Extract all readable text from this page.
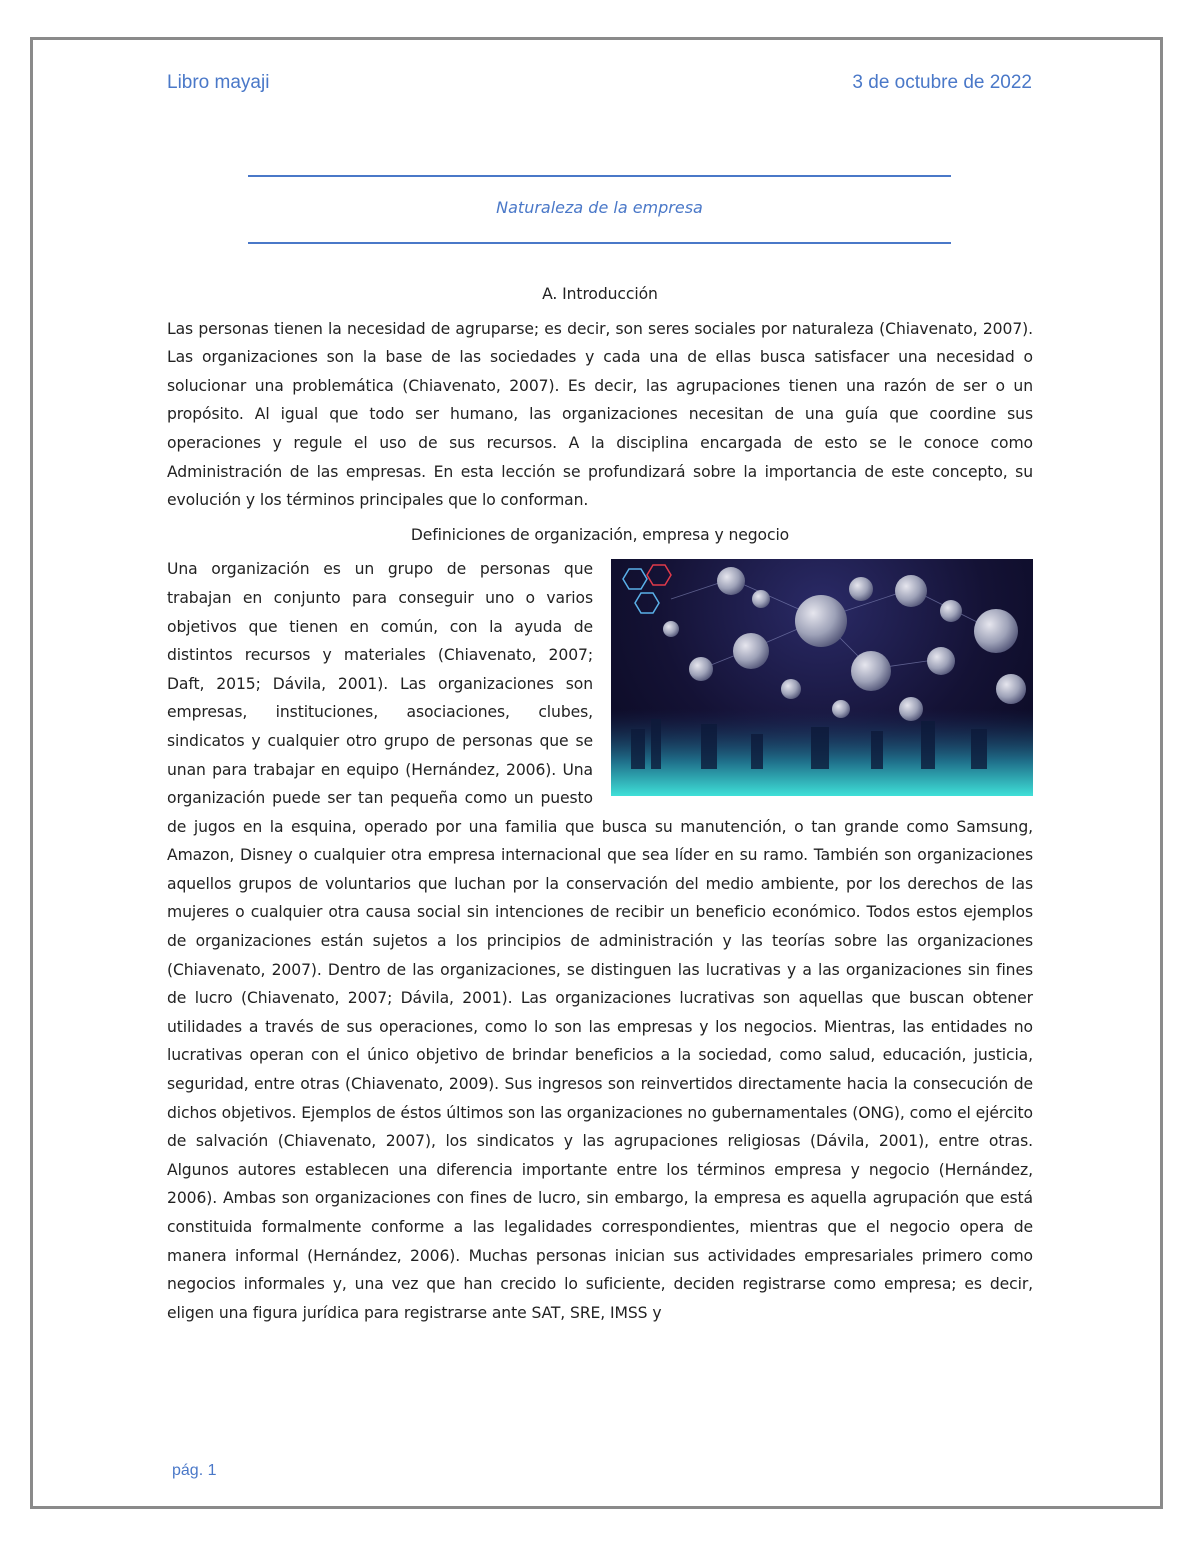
Libro mayaji	3 de octubre de 2022
Naturaleza de la empresa
A. Introducción

Las personas tienen la necesidad de agruparse; es decir, son seres sociales por naturaleza (Chiavenato, 2007). Las organizaciones son la base de las sociedades y cada una de ellas busca satisfacer una necesidad o solucionar una problemática (Chiavenato, 2007). Es decir, las agrupaciones tienen una razón de ser o un propósito. Al igual que todo ser humano, las organizaciones necesitan de una guía que coordine sus operaciones y regule el uso de sus recursos. A la disciplina encargada de esto se le conoce como Administración de las empresas. En esta lección se profundizará sobre la importancia de este concepto, su evolución y los términos principales que lo conforman.

Definiciones de organización, empresa y negocio

Una organización es un grupo de personas que trabajan en conjunto para conseguir uno o varios objetivos que tienen en común, con la ayuda de distintos recursos y materiales (Chiavenato, 2007; Daft, 2015; Dávila, 2001). Las organizaciones son empresas, instituciones, asociaciones, clubes, sindicatos y cualquier otro grupo de personas que se unan para trabajar en equipo (Hernández, 2006). Una organización puede ser tan pequeña como un puesto de jugos en la esquina, operado por una familia que busca su manutención, o tan grande como Samsung, Amazon, Disney o cualquier otra empresa internacional que sea líder en su ramo. También son organizaciones aquellos grupos de voluntarios que luchan por la conservación del medio ambiente, por los derechos de las mujeres o cualquier otra causa social sin intenciones de recibir un beneficio económico. Todos estos ejemplos de organizaciones están sujetos a los principios de administración y las teorías sobre las organizaciones (Chiavenato, 2007). Dentro de las organizaciones, se distinguen las lucrativas y a las organizaciones sin fines de lucro (Chiavenato, 2007; Dávila, 2001). Las organizaciones lucrativas son aquellas que buscan obtener utilidades a través de sus operaciones, como lo son las empresas y los negocios. Mientras, las entidades no lucrativas operan con el único objetivo de brindar beneficios a la sociedad, como salud, educación, justicia, seguridad, entre otras (Chiavenato, 2009). Sus ingresos son reinvertidos directamente hacia la consecución de dichos objetivos. Ejemplos de éstos últimos son las organizaciones no gubernamentales (ONG), como el ejército de salvación (Chiavenato, 2007), los sindicatos y las agrupaciones religiosas (Dávila, 2001), entre otras. Algunos autores establecen una diferencia importante entre los términos empresa y negocio (Hernández, 2006). Ambas son organizaciones con fines de lucro, sin embargo, la empresa es aquella agrupación que está constituida formalmente conforme a las legalidades correspondientes, mientras que el negocio opera de manera informal (Hernández, 2006). Muchas personas inician sus actividades empresariales primero como negocios informales y, una vez que han crecido lo suficiente, deciden registrarse como empresa; es decir, eligen una figura jurídica para registrarse ante SAT, SRE, IMSS y

pág. 1
